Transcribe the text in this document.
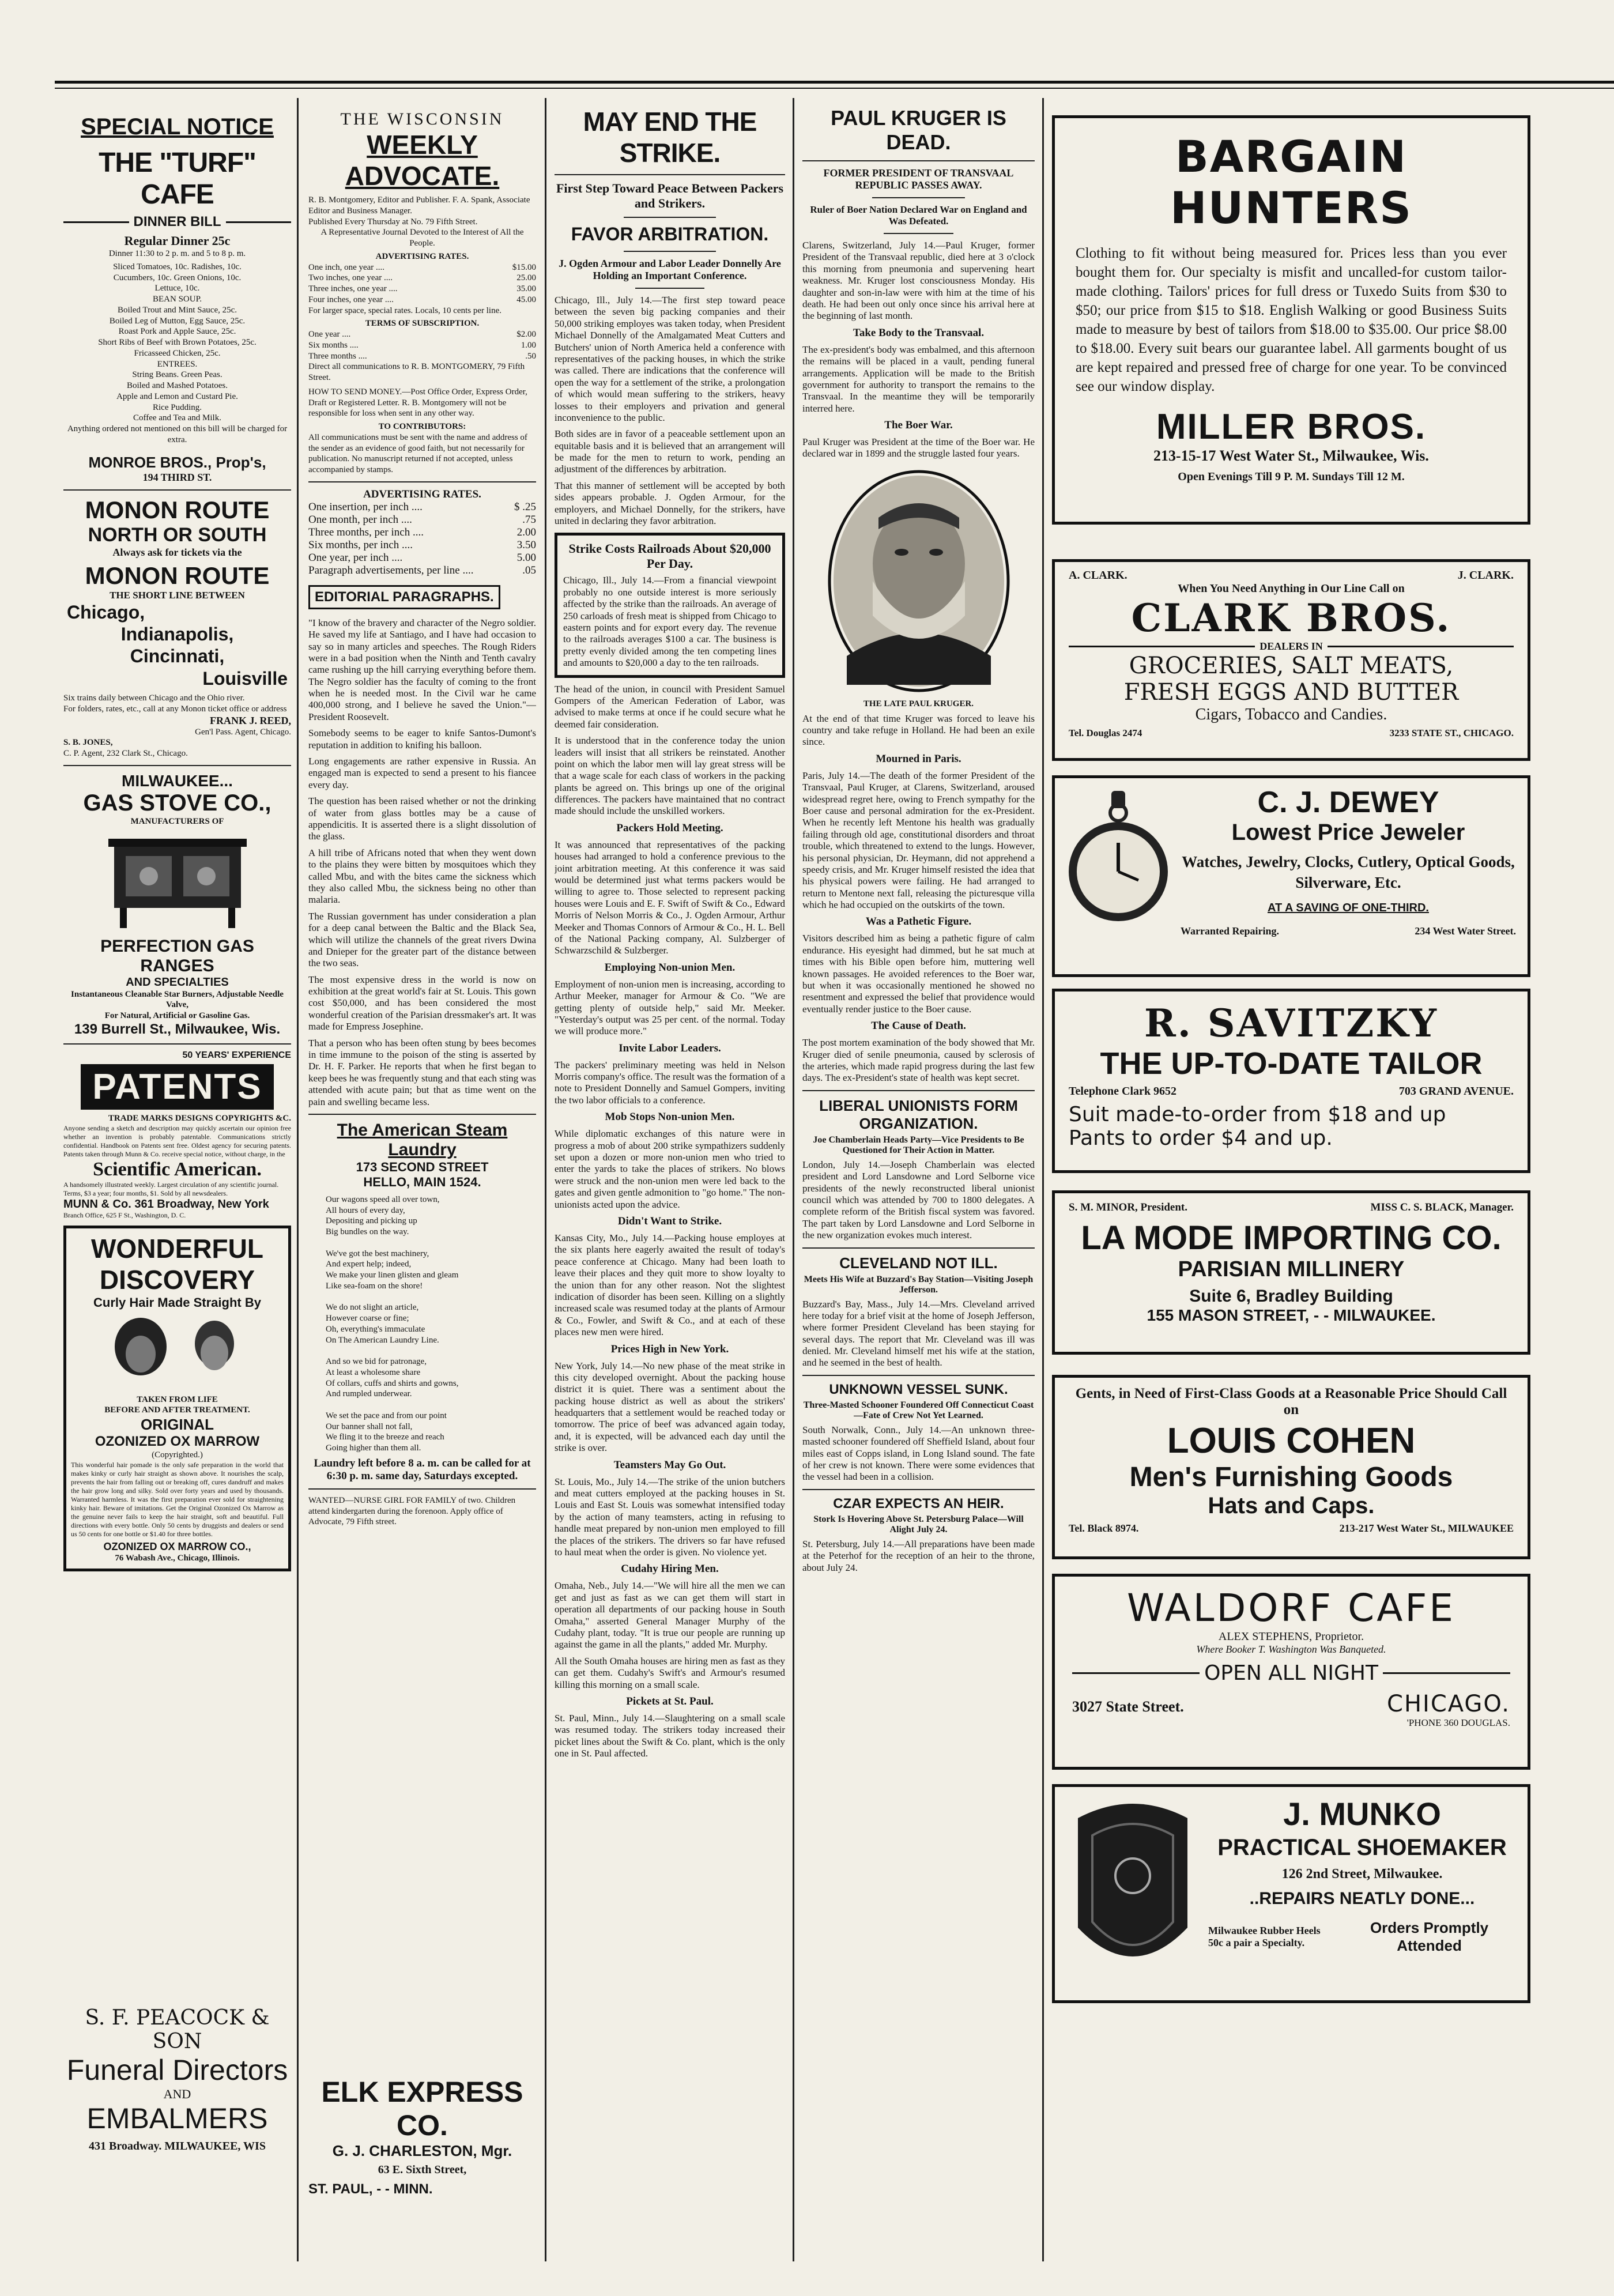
SPECIAL NOTICE
THE "TURF" CAFE
DINNER BILL
Regular Dinner 25c
Dinner 11:30 to 2 p. m. and 5 to 8 p. m.
Sliced Tomatoes, 10c. Radishes, 10c.
Cucumbers, 10c. Green Onions, 10c.
Lettuce, 10c.
BEAN SOUP.
Boiled Trout and Mint Sauce, 25c.
Boiled Leg of Mutton, Egg Sauce, 25c.
Roast Pork and Apple Sauce, 25c.
Short Ribs of Beef with Brown Potatoes, 25c.
Fricasseed Chicken, 25c.
ENTREES.
String Beans. Green Peas.
Boiled and Mashed Potatoes.
Apple and Lemon and Custard Pie.
Rice Pudding.
Coffee and Tea and Milk.
Anything ordered not mentioned on this bill will be charged for extra.
MONROE BROS., Prop's,
194 THIRD ST.
MONON ROUTE
NORTH OR SOUTH
Always ask for tickets via the
MONON ROUTE
THE SHORT LINE BETWEEN
Chicago,
Indianapolis,
Cincinnati,
Louisville
Six trains daily between Chicago and the Ohio river.
For folders, rates, etc., call at any Monon ticket office or address
FRANK J. REED,
Gen'l Pass. Agent, Chicago.
S. B. JONES,
C. P. Agent, 232 Clark St., Chicago.
MILWAUKEE...
GAS STOVE CO.,
MANUFACTURERS OF
PERFECTION GAS RANGES
AND SPECIALTIES
Instantaneous Cleanable Star Burners, Adjustable Needle Valve,
For Natural, Artificial or Gasoline Gas.
139 Burrell St., Milwaukee, Wis.
50 YEARS' EXPERIENCE
PATENTS
TRADE MARKS DESIGNS COPYRIGHTS &C.
Anyone sending a sketch and description may quickly ascertain our opinion free whether an invention is probably patentable. Communications strictly confidential. Handbook on Patents sent free. Oldest agency for securing patents. Patents taken through Munn & Co. receive special notice, without charge, in the
Scientific American.
A handsomely illustrated weekly. Largest circulation of any scientific journal. Terms, $3 a year; four months, $1. Sold by all newsdealers.
MUNN & Co. 361 Broadway, New York
Branch Office, 625 F St., Washington, D. C.
WONDERFUL
DISCOVERY
Curly Hair Made Straight By
TAKEN FROM LIFE
BEFORE AND AFTER TREATMENT.
ORIGINAL
OZONIZED OX MARROW
(Copyrighted.)
This wonderful hair pomade is the only safe preparation in the world that makes kinky or curly hair straight as shown above. It nourishes the scalp, prevents the hair from falling out or breaking off, cures dandruff and makes the hair grow long and silky. Sold over forty years and used by thousands. Warranted harmless. It was the first preparation ever sold for straightening kinky hair. Beware of imitations. Get the Original Ozonized Ox Marrow as the genuine never fails to keep the hair straight, soft and beautiful. Full directions with every bottle. Only 50 cents by druggists and dealers or send us 50 cents for one bottle or $1.40 for three bottles.
OZONIZED OX MARROW CO.,
76 Wabash Ave., Chicago, Illinois.
THE WISCONSIN
WEEKLY ADVOCATE.
R. B. Montgomery, Editor and Publisher. F. A. Spank, Associate Editor and Business Manager.
Published Every Thursday at No. 79 Fifth Street.
A Representative Journal Devoted to the Interest of All the People.
ADVERTISING RATES.
One inch, one year ....	$15.00
Two inches, one year ....	25.00
Three inches, one year ....	35.00
Four inches, one year ....	45.00
For larger space, special rates. Locals, 10 cents per line.
TERMS OF SUBSCRIPTION.
One year ....	$2.00
Six months ....	1.00
Three months ....	.50
Direct all communications to R. B. MONTGOMERY, 79 Fifth Street.
HOW TO SEND MONEY.—Post Office Order, Express Order, Draft or Registered Letter. R. B. Montgomery will not be responsible for loss when sent in any other way.
TO CONTRIBUTORS:
All communications must be sent with the name and address of the sender as an evidence of good faith, but not necessarily for publication. No manuscript returned if not accepted, unless accompanied by stamps.
ADVERTISING RATES.
One insertion, per inch ....	$ .25
One month, per inch ....	.75
Three months, per inch ....	2.00
Six months, per inch ....	3.50
One year, per inch ....	5.00
Paragraph advertisements, per line ....	.05
EDITORIAL PARAGRAPHS.

"I know of the bravery and character of the Negro soldier. He saved my life at Santiago, and I have had occasion to say so in many articles and speeches. The Rough Riders were in a bad position when the Ninth and Tenth cavalry came rushing up the hill carrying everything before them. The Negro soldier has the faculty of coming to the front when he is needed most. In the Civil war he came 400,000 strong, and I believe he saved the Union."—President Roosevelt.

Somebody seems to be eager to knife Santos-Dumont's reputation in addition to knifing his balloon.

Long engagements are rather expensive in Russia. An engaged man is expected to send a present to his fiancee every day.

The question has been raised whether or not the drinking of water from glass bottles may be a cause of appendicitis. It is asserted there is a slight dissolution of the glass.

A hill tribe of Africans noted that when they went down to the plains they were bitten by mosquitoes which they called Mbu, and with the bites came the sickness which they also called Mbu, the sickness being no other than malaria.

The Russian government has under consideration a plan for a deep canal between the Baltic and the Black Sea, which will utilize the channels of the great rivers Dwina and Dnieper for the greater part of the distance between the two seas.

The most expensive dress in the world is now on exhibition at the great world's fair at St. Louis. This gown cost $50,000, and has been considered the most wonderful creation of the Parisian dressmaker's art. It was made for Empress Josephine.

That a person who has been often stung by bees becomes in time immune to the poison of the sting is asserted by Dr. H. F. Parker. He reports that when he first began to keep bees he was frequently stung and that each sting was attended with acute pain; but that as time went on the pain and swelling became less.

The American Steam Laundry
173 SECOND STREET
HELLO, MAIN 1524.
Our wagons speed all over town,
All hours of every day,
Depositing and picking up
Big bundles on the way.

We've got the best machinery,
And expert help; indeed,
We make your linen glisten and gleam
Like sea-foam on the shore!

We do not slight an article,
However coarse or fine;
Oh, everything's immaculate
On The American Laundry Line.

And so we bid for patronage,
At least a wholesome share
Of collars, cuffs and shirts and gowns,
And rumpled underwear.

We set the pace and from our point
Our banner shall not fall,
We fling it to the breeze and reach
Going higher than them all.
Laundry left before 8 a. m. can be called for at 6:30 p. m. same day, Saturdays excepted.
WANTED—NURSE GIRL FOR FAMILY of two. Children attend kindergarten during the forenoon. Apply office of Advocate, 79 Fifth street.
MAY END THE STRIKE.
First Step Toward Peace Between Packers and Strikers.
FAVOR ARBITRATION.
J. Ogden Armour and Labor Leader Donnelly Are Holding an Important Conference.

Chicago, Ill., July 14.—The first step toward peace between the seven big packing companies and their 50,000 striking employes was taken today, when President Michael Donnelly of the Amalgamated Meat Cutters and Butchers' union of North America held a conference with representatives of the packing houses, in which the strike was called. There are indications that the conference will open the way for a settlement of the strike, a prolongation of which would mean suffering to the strikers, heavy losses to their employers and privation and general inconvenience to the public.

Both sides are in favor of a peaceable settlement upon an equitable basis and it is believed that an arrangement will be made for the men to return to work, pending an adjustment of the differences by arbitration.

That this manner of settlement will be accepted by both sides appears probable. J. Ogden Armour, for the employers, and Michael Donnelly, for the strikers, have united in declaring they favor arbitration.

Strike Costs Railroads About $20,000 Per Day.
Chicago, Ill., July 14.—From a financial viewpoint probably no one outside interest is more seriously affected by the strike than the railroads. An average of 250 carloads of fresh meat is shipped from Chicago to eastern points and for export every day. The revenue to the railroads averages $100 a car. The business is pretty evenly divided among the ten competing lines and amounts to $20,000 a day to the ten railroads.

The head of the union, in council with President Samuel Gompers of the American Federation of Labor, was advised to make terms at once if he could secure what he deemed fair consideration.

It is understood that in the conference today the union leaders will insist that all strikers be reinstated. Another point on which the labor men will lay great stress will be that a wage scale for each class of workers in the packing plants be agreed on. This brings up one of the original differences. The packers have maintained that no contract made should include the unskilled workers.

Packers Hold Meeting.

It was announced that representatives of the packing houses had arranged to hold a conference previous to the joint arbitration meeting. At this conference it was said would be determined just what terms packers would be willing to agree to. Those selected to represent packing houses were Louis and E. F. Swift of Swift & Co., Edward Morris of Nelson Morris & Co., J. Ogden Armour, Arthur Meeker and Thomas Connors of Armour & Co., H. L. Bell of the National Packing company, Al. Sulzberger of Schwarzschild & Sulzberger.

Employing Non-union Men.

Employment of non-union men is increasing, according to Arthur Meeker, manager for Armour & Co. "We are getting plenty of outside help," said Mr. Meeker. "Yesterday's output was 25 per cent. of the normal. Today we will produce more."

Invite Labor Leaders.

The packers' preliminary meeting was held in Nelson Morris company's office. The result was the formation of a note to President Donnelly and Samuel Gompers, inviting the two labor officials to a conference.

Mob Stops Non-union Men.

While diplomatic exchanges of this nature were in progress a mob of about 200 strike sympathizers suddenly set upon a dozen or more non-union men who tried to enter the yards to take the places of strikers. No blows were struck and the non-union men were led back to the gates and given gentle admonition to "go home." The non-unionists acted upon the advice.

Didn't Want to Strike.

Kansas City, Mo., July 14.—Packing house employes at the six plants here eagerly awaited the result of today's peace conference at Chicago. Many had been loath to leave their places and they quit more to show loyalty to the union than for any other reason. Not the slightest indication of disorder has been seen. Killing on a slightly increased scale was resumed today at the plants of Armour & Co., Fowler, and Swift & Co., and at each of these places new men were hired.

Prices High in New York.

New York, July 14.—No new phase of the meat strike in this city developed overnight. About the packing house district it is quiet. There was a sentiment about the packing house district as well as about the strikers' headquarters that a settlement would be reached today or tomorrow. The price of beef was advanced again today, and, it is expected, will be advanced each day until the strike is over.

Teamsters May Go Out.

St. Louis, Mo., July 14.—The strike of the union butchers and meat cutters employed at the packing houses in St. Louis and East St. Louis was somewhat intensified today by the action of many teamsters, acting in refusing to handle meat prepared by non-union men employed to fill the places of the strikers. The drivers so far have refused to haul meat when the order is given. No violence yet.

Cudahy Hiring Men.

Omaha, Neb., July 14.—"We will hire all the men we can get and just as fast as we can get them will start in operation all departments of our packing house in South Omaha," asserted General Manager Murphy of the Cudahy plant, today. "It is true our people are running up against the game in all the plants," added Mr. Murphy.

All the South Omaha houses are hiring men as fast as they can get them. Cudahy's Swift's and Armour's resumed killing this morning on a small scale.

Pickets at St. Paul.

St. Paul, Minn., July 14.—Slaughtering on a small scale was resumed today. The strikers today increased their picket lines about the Swift & Co. plant, which is the only one in St. Paul affected.

PAUL KRUGER IS DEAD.
FORMER PRESIDENT OF TRANSVAAL REPUBLIC PASSES AWAY.
Ruler of Boer Nation Declared War on England and Was Defeated.

Clarens, Switzerland, July 14.—Paul Kruger, former President of the Transvaal republic, died here at 3 o'clock this morning from pneumonia and supervening heart weakness. Mr. Kruger lost consciousness Monday. His daughter and son-in-law were with him at the time of his death. He had been out only once since his arrival here at the beginning of last month.

Take Body to the Transvaal.

The ex-president's body was embalmed, and this afternoon the remains will be placed in a vault, pending funeral arrangements. Application will be made to the British government for authority to transport the remains to the Transvaal. In the meantime they will be temporarily interred here.

The Boer War.

Paul Kruger was President at the time of the Boer war. He declared war in 1899 and the struggle lasted four years.

THE LATE PAUL KRUGER.

At the end of that time Kruger was forced to leave his country and take refuge in Holland. He had been an exile since.

Mourned in Paris.

Paris, July 14.—The death of the former President of the Transvaal, Paul Kruger, at Clarens, Switzerland, aroused widespread regret here, owing to French sympathy for the Boer cause and personal admiration for the ex-President. When he recently left Mentone his health was gradually failing through old age, constitutional disorders and throat trouble, which threatened to extend to the lungs. However, his personal physician, Dr. Heymann, did not apprehend a speedy crisis, and Mr. Kruger himself resisted the idea that his physical powers were failing. He had arranged to return to Mentone next fall, releasing the picturesque villa which he had occupied on the outskirts of the town.

Was a Pathetic Figure.

Visitors described him as being a pathetic figure of calm endurance. His eyesight had dimmed, but he sat much at times with his Bible open before him, muttering well known passages. He avoided references to the Boer war, but when it was occasionally mentioned he showed no resentment and expressed the belief that providence would eventually render justice to the Boer cause.

The Cause of Death.

The post mortem examination of the body showed that Mr. Kruger died of senile pneumonia, caused by sclerosis of the arteries, which made rapid progress during the last few days. The ex-President's state of health was kept secret.

LIBERAL UNIONISTS FORM ORGANIZATION.
Joe Chamberlain Heads Party—Vice Presidents to Be Questioned for Their Action in Matter.

London, July 14.—Joseph Chamberlain was elected president and Lord Lansdowne and Lord Selborne vice presidents of the newly reconstructed liberal unionist council which was attended by 700 to 1800 delegates. A complete reform of the British fiscal system was favored. The part taken by Lord Lansdowne and Lord Selborne in the new organization evokes much interest.

CLEVELAND NOT ILL.
Meets His Wife at Buzzard's Bay Station—Visiting Joseph Jefferson.

Buzzard's Bay, Mass., July 14.—Mrs. Cleveland arrived here today for a brief visit at the home of Joseph Jefferson, where former President Cleveland has been staying for several days. The report that Mr. Cleveland was ill was denied. Mr. Cleveland himself met his wife at the station, and he seemed in the best of health.

UNKNOWN VESSEL SUNK.
Three-Masted Schooner Foundered Off Connecticut Coast—Fate of Crew Not Yet Learned.

South Norwalk, Conn., July 14.—An unknown three-masted schooner foundered off Sheffield Island, about four miles east of Copps island, in Long Island sound. The fate of her crew is not known. There were some evidences that the vessel had been in a collision.

CZAR EXPECTS AN HEIR.
Stork Is Hovering Above St. Petersburg Palace—Will Alight July 24.

St. Petersburg, July 14.—All preparations have been made at the Peterhof for the reception of an heir to the throne, about July 24.

BARGAIN HUNTERS
Clothing to fit without being measured for. Prices less than you ever bought them for. Our specialty is misfit and uncalled-for custom tailor-made clothing. Tailors' prices for full dress or Tuxedo Suits from $30 to $50; our price from $15 to $18. English Walking or good Business Suits made to measure by best of tailors from $18.00 to $35.00. Our price $8.00 to $18.00. Every suit bears our guarantee label. All garments bought of us are kept repaired and pressed free of charge for one year. To be convinced see our window display.
MILLER BROS.
213-15-17 West Water St., Milwaukee, Wis.
Open Evenings Till 9 P. M. Sundays Till 12 M.
A. CLARK.	J. CLARK.
When You Need Anything in Our Line Call on
CLARK BROS.
DEALERS IN
GROCERIES, SALT MEATS,
FRESH EGGS AND BUTTER
Cigars, Tobacco and Candies.
Tel. Douglas 2474	3233 STATE ST., CHICAGO.
C. J. DEWEY
Lowest Price Jeweler
Watches, Jewelry, Clocks, Cutlery, Optical Goods, Silverware, Etc.
AT A SAVING OF ONE-THIRD.
Warranted Repairing.	234 West Water Street.
R. SAVITZKY
THE UP-TO-DATE TAILOR
Telephone Clark 9652	703 GRAND AVENUE.
Suit made-to-order from $18 and up
Pants to order $4 and up.
S. M. MINOR, President.	MISS C. S. BLACK, Manager.
LA MODE IMPORTING CO.
PARISIAN MILLINERY
Suite 6, Bradley Building
155 MASON STREET, - - MILWAUKEE.
Gents, in Need of First-Class Goods at a Reasonable Price Should Call on
LOUIS COHEN
Men's Furnishing Goods
Hats and Caps.
Tel. Black 8974.	213-217 West Water St., MILWAUKEE
WALDORF CAFE
ALEX STEPHENS, Proprietor.
Where Booker T. Washington Was Banqueted.
OPEN ALL NIGHT
3027 State Street.	CHICAGO.
'PHONE 360 DOUGLAS.
J. MUNKO
PRACTICAL SHOEMAKER
126 2nd Street, Milwaukee.
..REPAIRS NEATLY DONE...
Milwaukee Rubber Heels 50c a pair a Specialty.
Orders Promptly Attended
S. F. PEACOCK & SON
Funeral Directors
AND
EMBALMERS
431 Broadway. MILWAUKEE, WIS
ELK EXPRESS CO.
G. J. CHARLESTON, Mgr.
63 E. Sixth Street,
ST. PAUL, - - MINN.
